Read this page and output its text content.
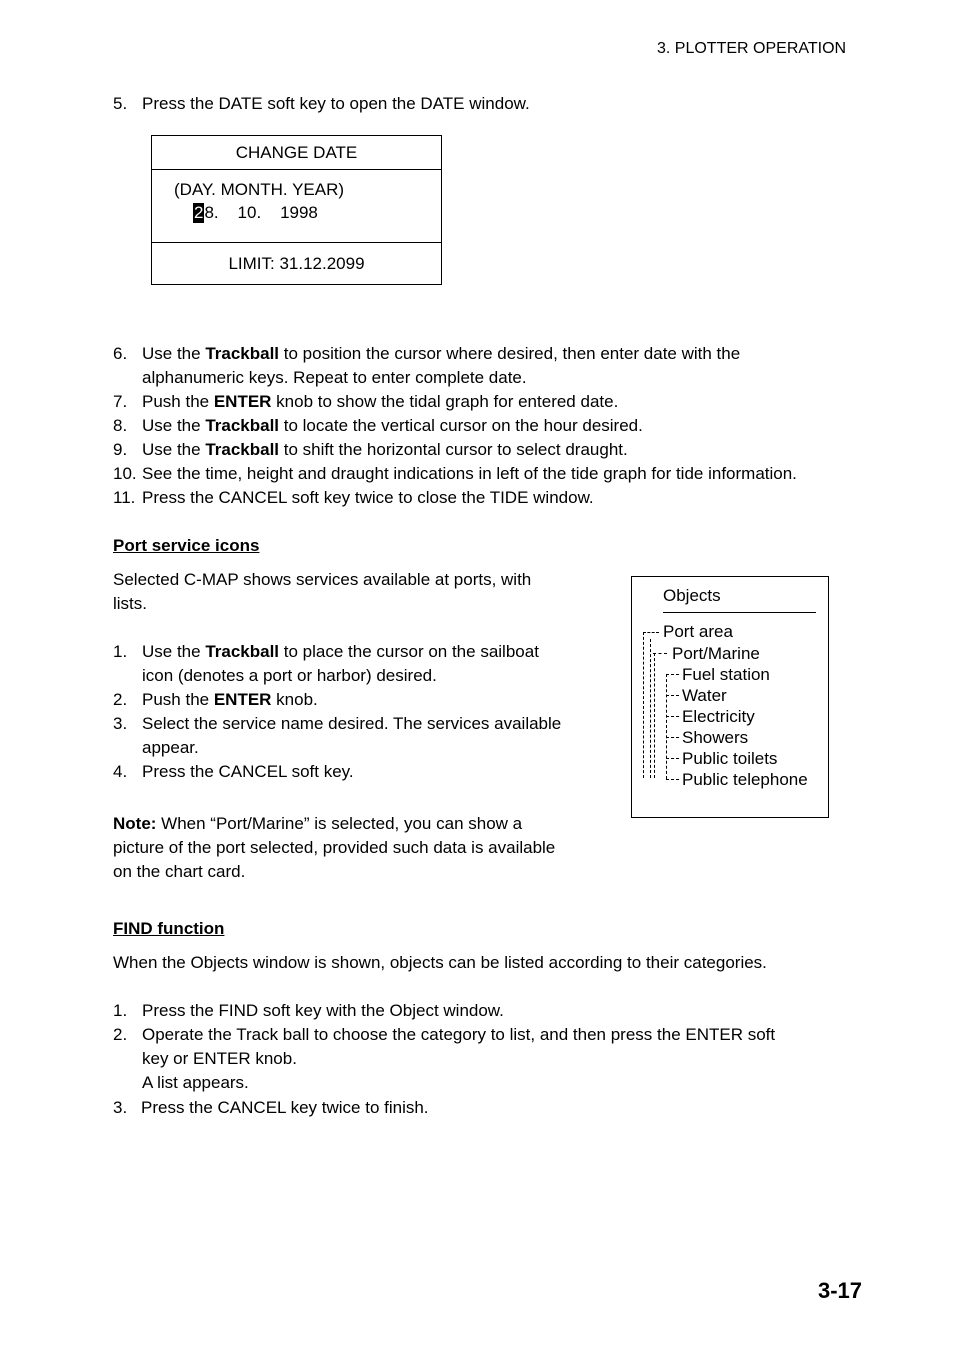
3. PLOTTER OPERATION
5. Press the DATE soft key to open the DATE window.
CHANGE DATE
(DAY. MONTH. YEAR)
28.    10.    1998
LIMIT: 31.12.2099
6. Use the Trackball to position the cursor where desired, then enter date with the
alphanumeric keys. Repeat to enter complete date.
7. Push the ENTER knob to show the tidal graph for entered date.
8. Use the Trackball to locate the vertical cursor on the hour desired.
9. Use the Trackball to shift the horizontal cursor to select draught.
10. See the time, height and draught indications in left of the tide graph for tide information.
11. Press the CANCEL soft key twice to close the TIDE window.
Port service icons
Selected C-MAP shows services available at ports, with
lists.
1. Use the Trackball to place the cursor on the sailboat
icon (denotes a port or harbor) desired.
2. Push the ENTER knob.
3. Select the service name desired. The services available
appear.
4. Press the CANCEL soft key.
Note: When “Port/Marine” is selected, you can show a
picture of the port selected, provided such data is available
on the chart card.
Objects
Port area
Port/Marine
Fuel station
Water
Electricity
Showers
Public toilets
Public telephone
FIND function
When the Objects window is shown, objects can be listed according to their categories.
1. Press the FIND soft key with the Object window.
2. Operate the Track ball to choose the category to list, and then press the ENTER soft
key or ENTER knob.
A list appears.
3. Press the CANCEL key twice to finish.
3-17
